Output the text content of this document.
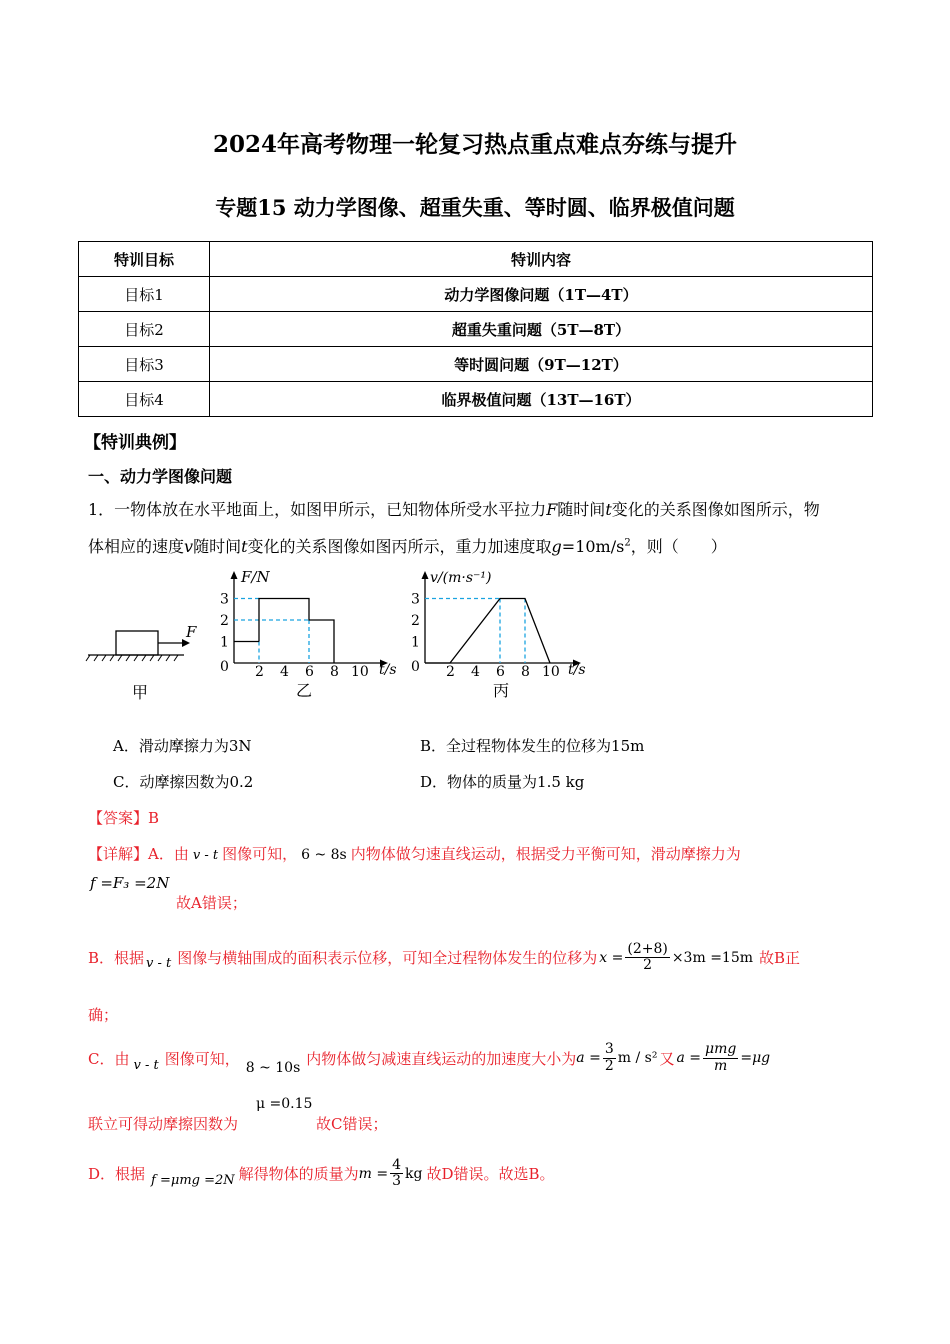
2024年高考物理一轮复习热点重点难点夯练与提升
专题15 动力学图像、超重失重、等时圆、临界极值问题
特训目标	特训内容
目标1	动力学图像问题（1T—4T）
目标2	超重失重问题（5T—8T）
目标3	等时圆问题（9T—12T）
目标4	临界极值问题（13T—16T）
【特训典例】
一、动力学图像问题
1．一物体放在水平地面上，如图甲所示，已知物体所受水平拉力F随时间t变化的关系图像如图所示，物
体相应的速度v随时间t变化的关系图像如图丙所示，重力加速度取$g=10m/s^2$，则（　　）
F
甲
F/N
0	t/s
2 4 6 8 10
1
2
3
乙
v/(m·s⁻¹)
0	t/s
2 4 6 8 10
1
2
3
丙
A．滑动摩擦力为3N	B．全过程物体发生的位移为15m
C．动摩擦因数为0.2	D．物体的质量为1.5 kg
【答案】B
【详解】A．由 v - t 图像可知， 6 ~ 8s 内物体做匀速直线运动，根据受力平衡可知，滑动摩擦力为
f =F₃ =2N
故A错误；
B．根据 v - t 图像与横轴围成的面积表示位移，可知全过程物体发生的位移为 $x = \frac{(2+8)}{2} \times 3m =15m$ 故B正
确；
C．由 v - t 图像可知，
8 ~ 10s
内物体做匀减速直线运动的加速度大小为 $a = \frac{3}{2}$ m / s² 又 $a = \frac{\text{μmg}}{m} =\mu g$
μ =0.15
联立可得动摩擦因数为	故C错误；
D．根据 f =μmg =2N 解得物体的质量为 $m = \frac{4}{3}$ kg 故D错误。故选B。
